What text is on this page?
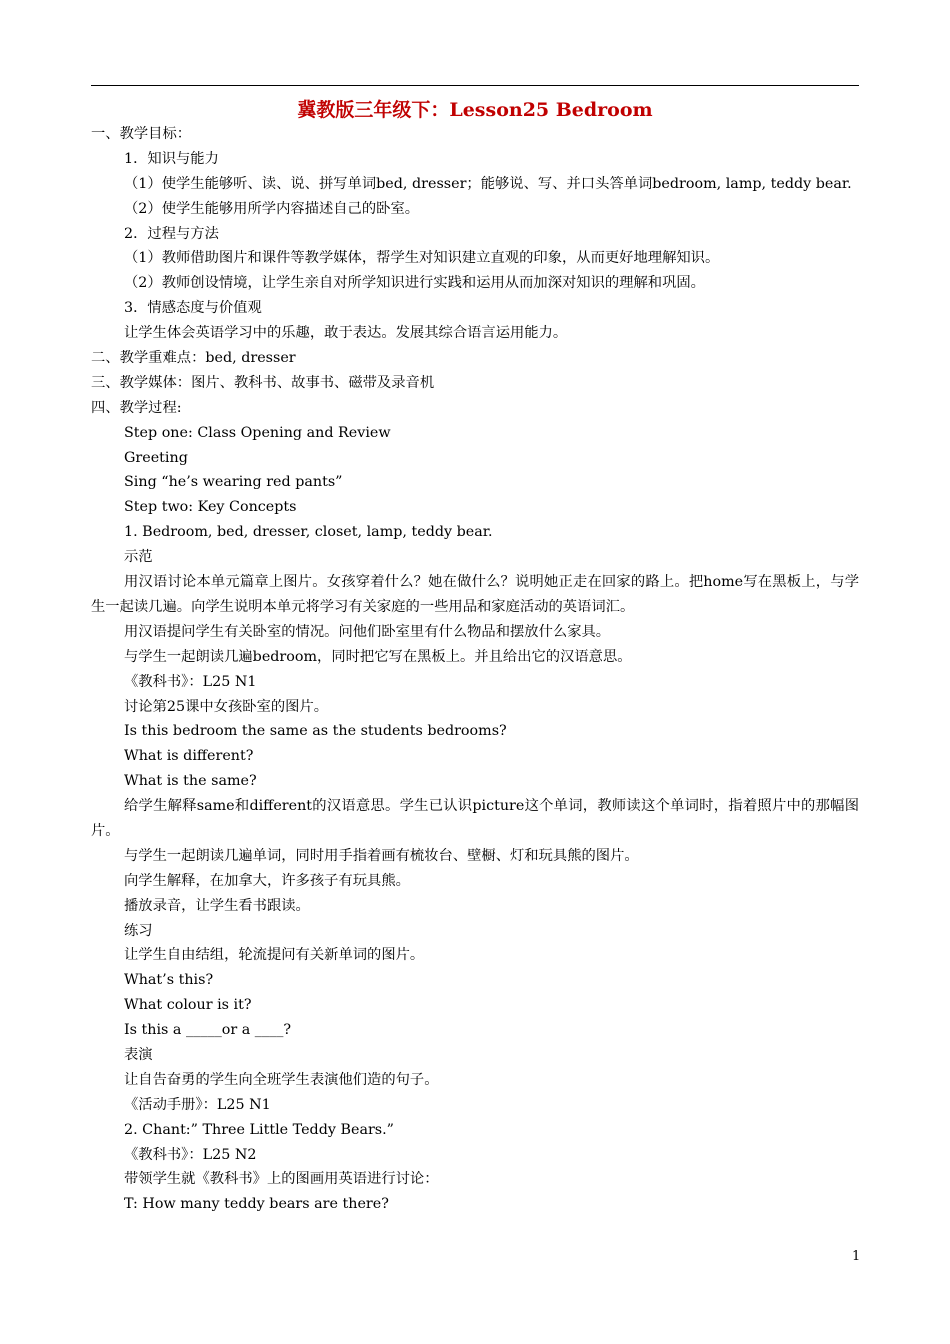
冀教版三年级下：Lesson25 Bedroom
一、教学目标：
1．知识与能力
（1）使学生能够听、读、说、拼写单词bed, dresser；能够说、写、并口头答单词bedroom, lamp, teddy bear.
（2）使学生能够用所学内容描述自己的卧室。
2．过程与方法
（1）教师借助图片和课件等教学媒体，帮学生对知识建立直观的印象，从而更好地理解知识。
（2）教师创设情境，让学生亲自对所学知识进行实践和运用从而加深对知识的理解和巩固。
3．情感态度与价值观
让学生体会英语学习中的乐趣，敢于表达。发展其综合语言运用能力。
二、教学重难点：bed, dresser
三、教学媒体：图片、教科书、故事书、磁带及录音机
四、教学过程:
Step one: Class Opening and Review
Greeting
Sing “he’s wearing red pants”
Step two: Key Concepts
1. Bedroom, bed, dresser, closet, lamp, teddy bear.
示范
用汉语讨论本单元篇章上图片。女孩穿着什么？她在做什么？说明她正走在回家的路上。把home写在黑板上，与学生一起读几遍。向学生说明本单元将学习有关家庭的一些用品和家庭活动的英语词汇。
用汉语提问学生有关卧室的情况。问他们卧室里有什么物品和摆放什么家具。
与学生一起朗读几遍bedroom，同时把它写在黑板上。并且给出它的汉语意思。
《教科书》：L25 N1
讨论第25课中女孩卧室的图片。
Is this bedroom the same as the students bedrooms?
What is different?
What is the same?
给学生解释same和different的汉语意思。学生已认识picture这个单词，教师读这个单词时，指着照片中的那幅图片。
与学生一起朗读几遍单词，同时用手指着画有梳妆台、壁橱、灯和玩具熊的图片。
向学生解释，在加拿大，许多孩子有玩具熊。
播放录音，让学生看书跟读。
练习
让学生自由结组，轮流提问有关新单词的图片。
What’s this?
What colour is it?
Is this a _____or a ____?
表演
让自告奋勇的学生向全班学生表演他们造的句子。
《活动手册》：L25 N1
2. Chant:” Three Little Teddy Bears.”
《教科书》：L25 N2
带领学生就《教科书》上的图画用英语进行讨论：
T: How many teddy bears are there?
1
